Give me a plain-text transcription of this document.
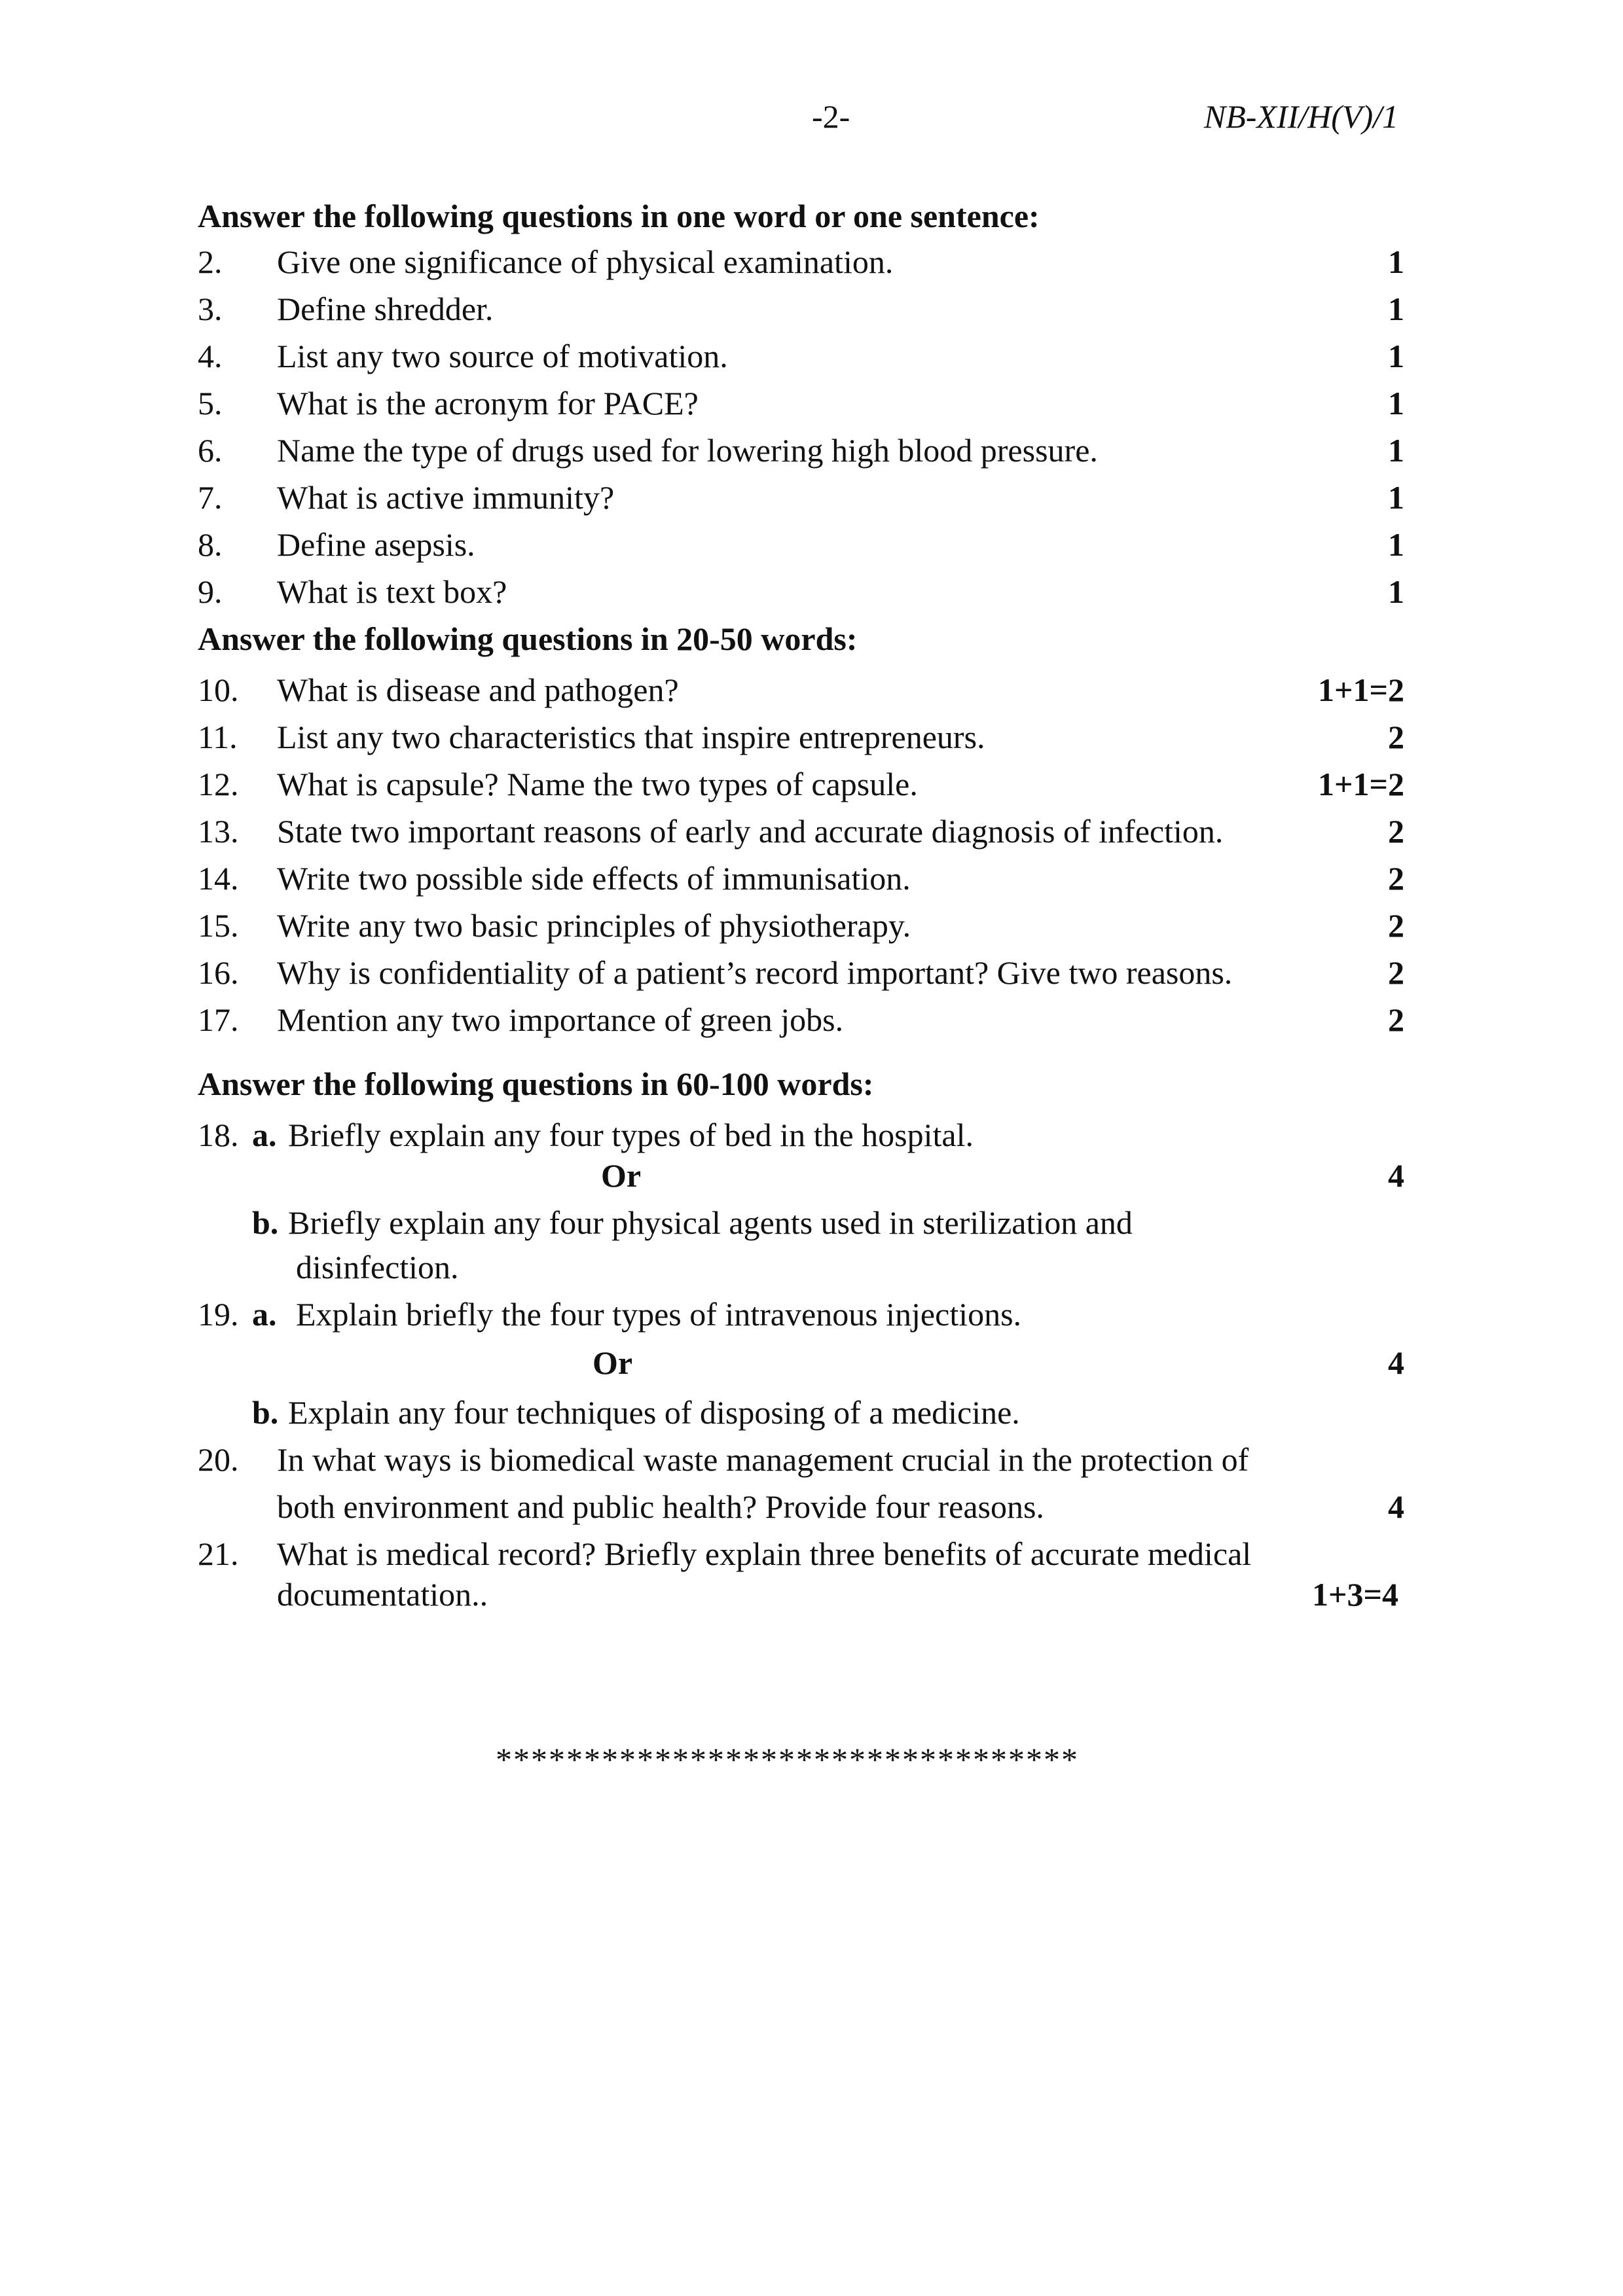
-2-	NB-XII/H(V)/1
Answer the following questions in one word or one sentence:
2. Give one significance of physical examination.	1
3. Define shredder.	1
4. List any two source of motivation.	1
5. What is the acronym for PACE?	1
6. Name the type of drugs used for lowering high blood pressure.	1
7. What is active immunity?	1
8. Define asepsis.	1
9. What is text box?	1
Answer the following questions in 20-50 words:
10. What is disease and pathogen?	1+1=2
11. List any two characteristics that inspire entrepreneurs.	2
12. What is capsule? Name the two types of capsule.	1+1=2
13. State two important reasons of early and accurate diagnosis of infection.	2
14. Write two possible side effects of immunisation.	2
15. Write any two basic principles of physiotherapy.	2
16. Why is confidentiality of a patient’s record important? Give two reasons.	2
17. Mention any two importance of green jobs.	2
Answer the following questions in 60-100 words:
18. a. Briefly explain any four types of bed in the hospital.
Or	4
b. Briefly explain any four physical agents used in sterilization and
disinfection.
19. a. Explain briefly the four types of intravenous injections.
Or	4
b. Explain any four techniques of disposing of a medicine.
20. In what ways is biomedical waste management crucial in the protection of
both environment and public health? Provide four reasons.	4
21. What is medical record? Briefly explain three benefits of accurate medical
documentation..	1+3=4
*********************************
